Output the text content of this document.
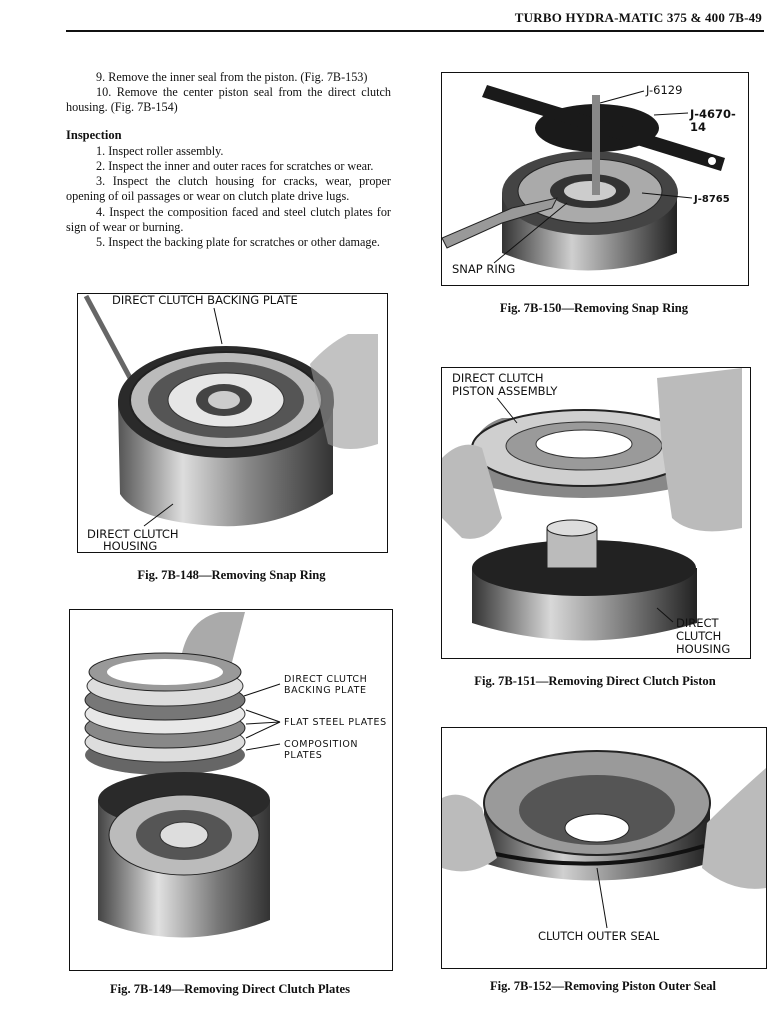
TURBO HYDRA-MATIC 375 & 400 7B-49

9. Remove the inner seal from the piston. (Fig. 7B-153)

10. Remove the center piston seal from the direct clutch housing. (Fig. 7B-154)

Inspection

1. Inspect roller assembly.

2. Inspect the inner and outer races for scratches or wear.

3. Inspect the clutch housing for cracks, wear, proper opening of oil passages or wear on clutch plate drive lugs.

4. Inspect the composition faced and steel clutch plates for sign of wear or burning.

5. Inspect the backing plate for scratches or other damage.

DIRECT CLUTCH BACKING PLATE
DIRECT CLUTCH
HOUSING
Fig. 7B-148—Removing Snap Ring
DIRECT CLUTCH
BACKING PLATE
FLAT STEEL PLATES
COMPOSITION PLATES
Fig. 7B-149—Removing Direct Clutch Plates
J-6129
J-4670-14
J-8765
SNAP RING
Fig. 7B-150—Removing Snap Ring
DIRECT CLUTCH
PISTON ASSEMBLY
DIRECT
CLUTCH
HOUSING
Fig. 7B-151—Removing Direct Clutch Piston
CLUTCH OUTER SEAL
Fig. 7B-152—Removing Piston Outer Seal
